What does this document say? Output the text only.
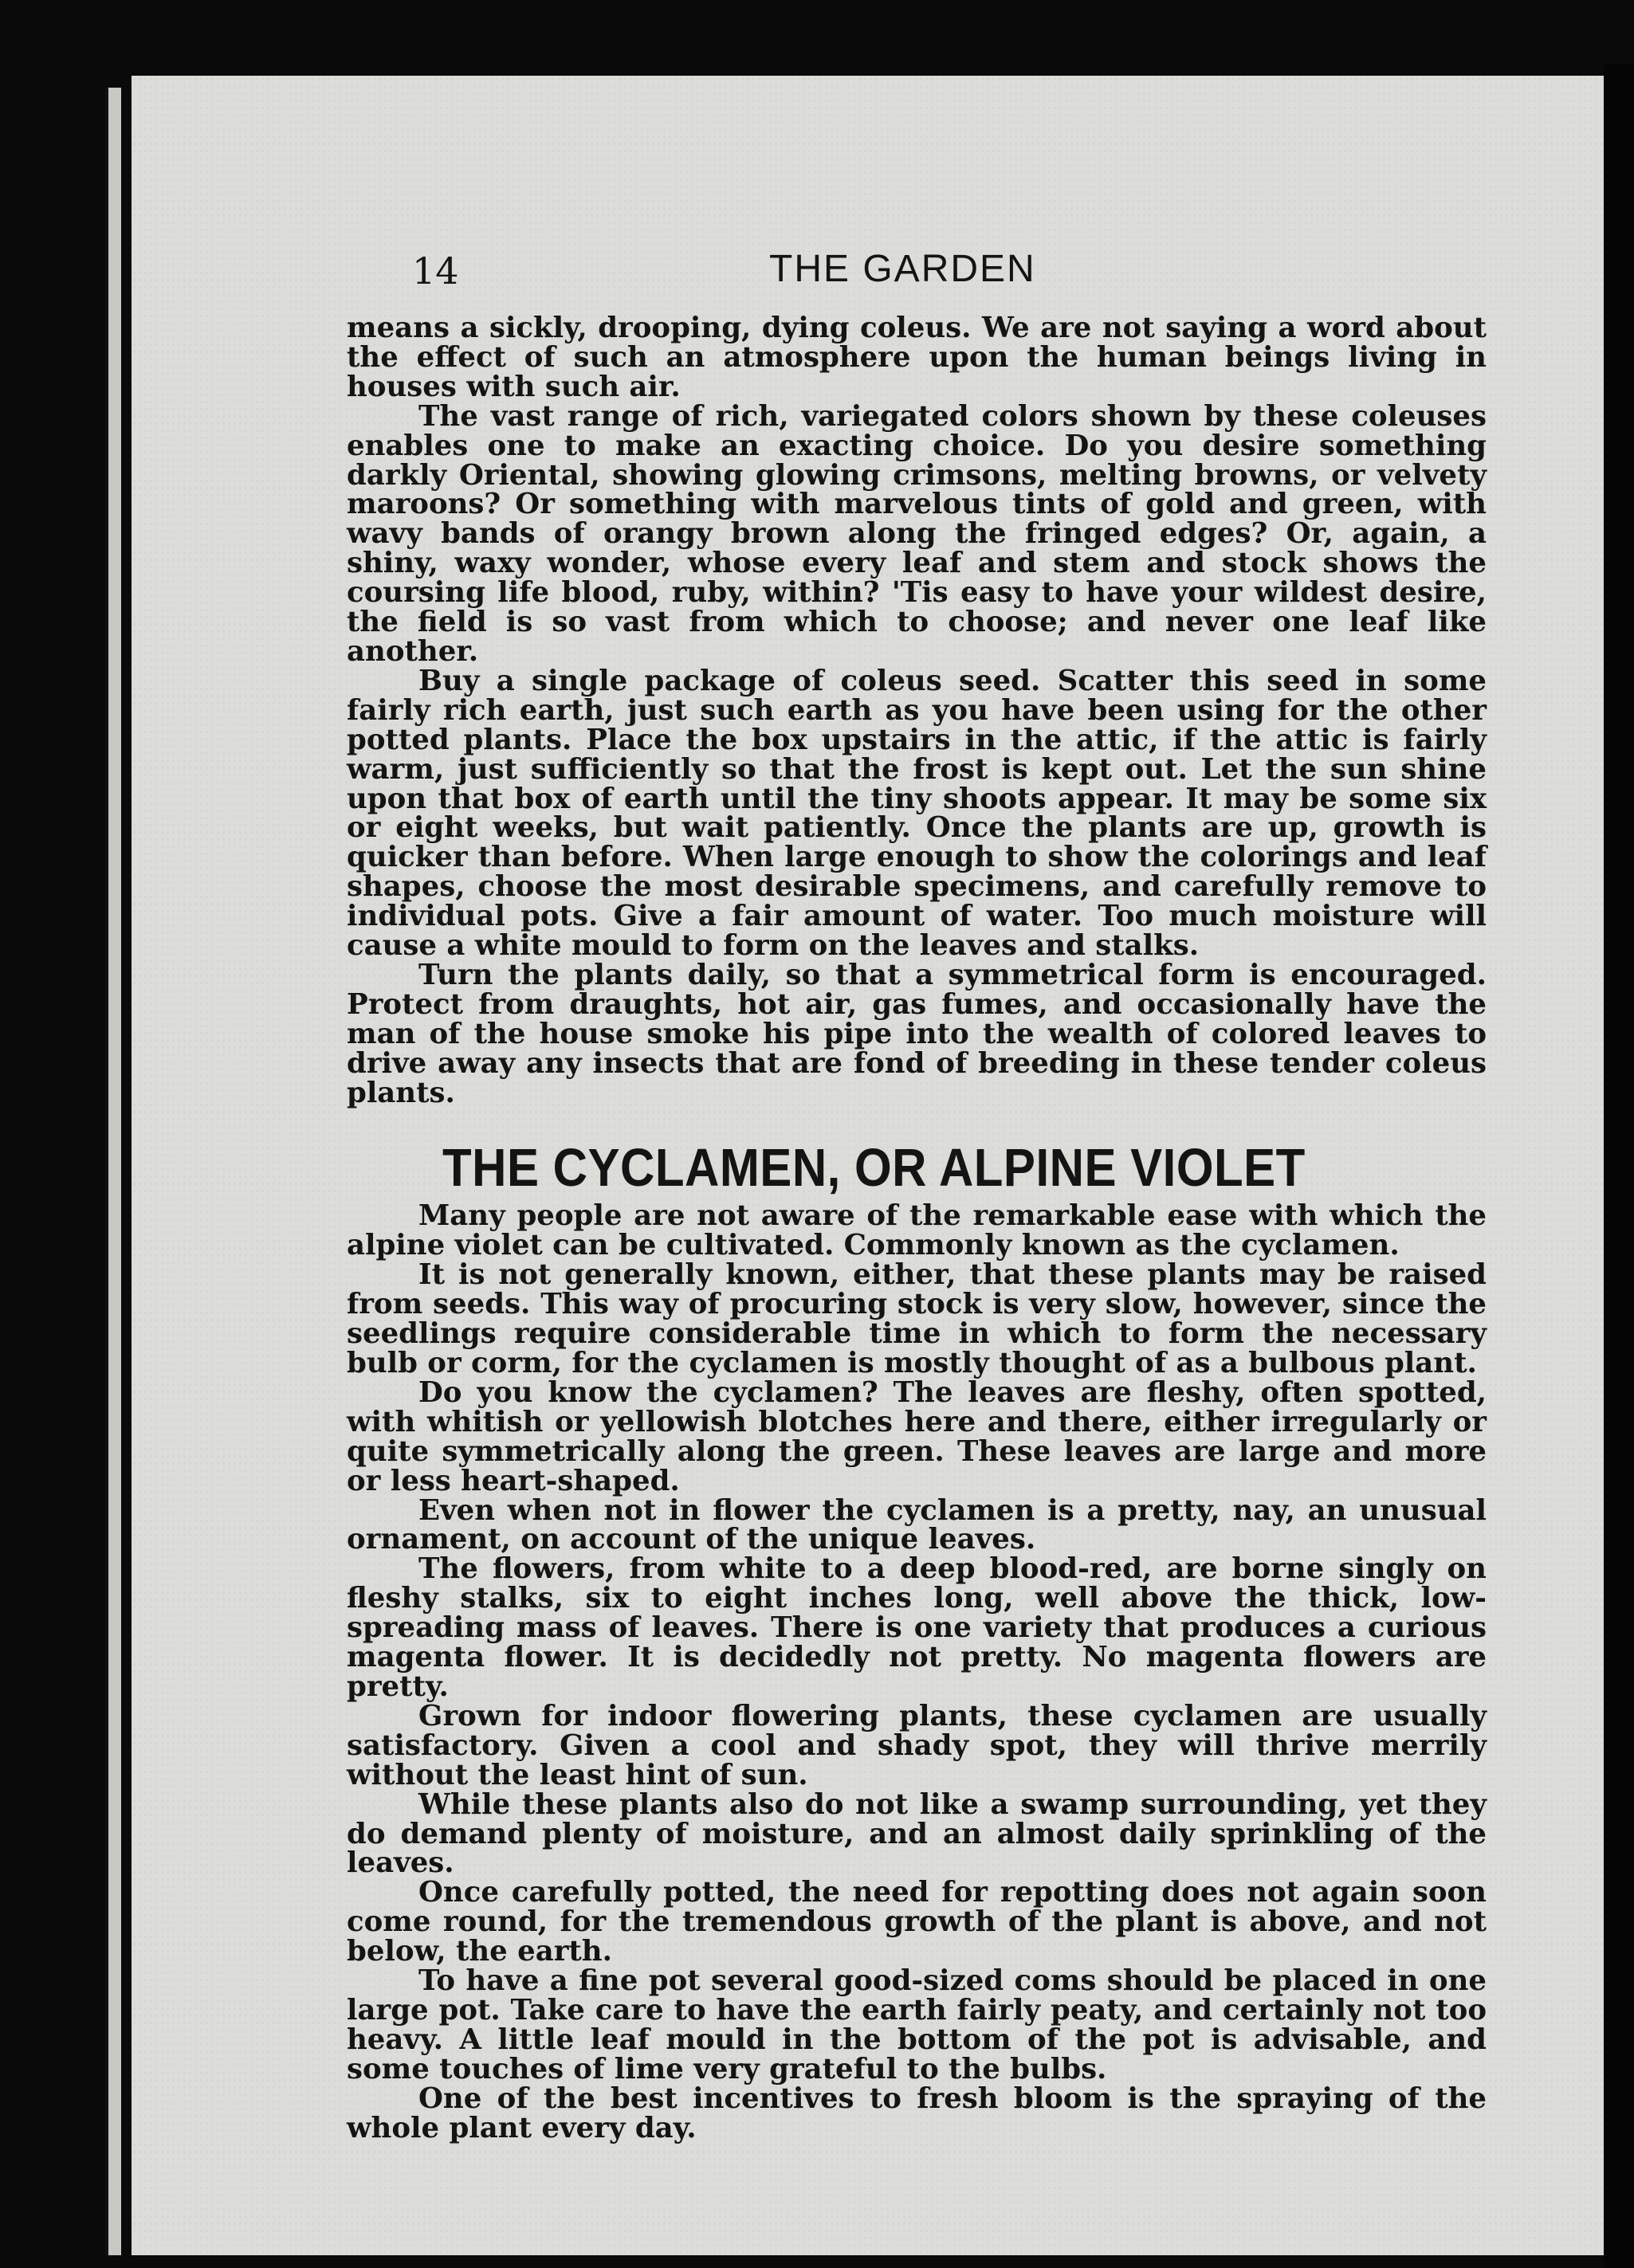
14	THE GARDEN

means a sickly, drooping, dying coleus. We are not saying a word about the effect of such an atmosphere upon the human beings living in houses with such air.

The vast range of rich, variegated colors shown by these coleuses enables one to make an exacting choice. Do you desire something darkly Oriental, showing glowing crimsons, melting browns, or velvety maroons? Or something with marvelous tints of gold and green, with wavy bands of orangy brown along the fringed edges? Or, again, a shiny, waxy wonder, whose every leaf and stem and stock shows the coursing life blood, ruby, within? 'Tis easy to have your wildest desire, the field is so vast from which to choose; and never one leaf like another.

Buy a single package of coleus seed. Scatter this seed in some fairly rich earth, just such earth as you have been using for the other potted plants. Place the box upstairs in the attic, if the attic is fairly warm, just sufficiently so that the frost is kept out. Let the sun shine upon that box of earth until the tiny shoots appear. It may be some six or eight weeks, but wait patiently. Once the plants are up, growth is quicker than before. When large enough to show the colorings and leaf shapes, choose the most desirable specimens, and carefully remove to individual pots. Give a fair amount of water. Too much moisture will cause a white mould to form on the leaves and stalks.

Turn the plants daily, so that a symmetrical form is encouraged. Protect from draughts, hot air, gas fumes, and occasionally have the man of the house smoke his pipe into the wealth of colored leaves to drive away any insects that are fond of breeding in these tender coleus plants.

THE CYCLAMEN, OR ALPINE VIOLET

Many people are not aware of the remarkable ease with which the alpine violet can be cultivated. Commonly known as the cyclamen.

It is not generally known, either, that these plants may be raised from seeds. This way of procuring stock is very slow, however, since the seedlings require considerable time in which to form the necessary bulb or corm, for the cyclamen is mostly thought of as a bulbous plant.

Do you know the cyclamen? The leaves are fleshy, often spotted, with whitish or yellowish blotches here and there, either irregularly or quite symmetrically along the green. These leaves are large and more or less heart-shaped.

Even when not in flower the cyclamen is a pretty, nay, an unusual ornament, on account of the unique leaves.

The flowers, from white to a deep blood-red, are borne singly on fleshy stalks, six to eight inches long, well above the thick, low-spreading mass of leaves. There is one variety that produces a curious magenta flower. It is decidedly not pretty. No magenta flowers are pretty.

Grown for indoor flowering plants, these cyclamen are usually satisfactory. Given a cool and shady spot, they will thrive merrily without the least hint of sun.

While these plants also do not like a swamp surrounding, yet they do demand plenty of moisture, and an almost daily sprinkling of the leaves.

Once carefully potted, the need for repotting does not again soon come round, for the tremendous growth of the plant is above, and not below, the earth.

To have a fine pot several good-sized coms should be placed in one large pot. Take care to have the earth fairly peaty, and certainly not too heavy. A little leaf mould in the bottom of the pot is advisable, and some touches of lime very grateful to the bulbs.

One of the best incentives to fresh bloom is the spraying of the whole plant every day.
